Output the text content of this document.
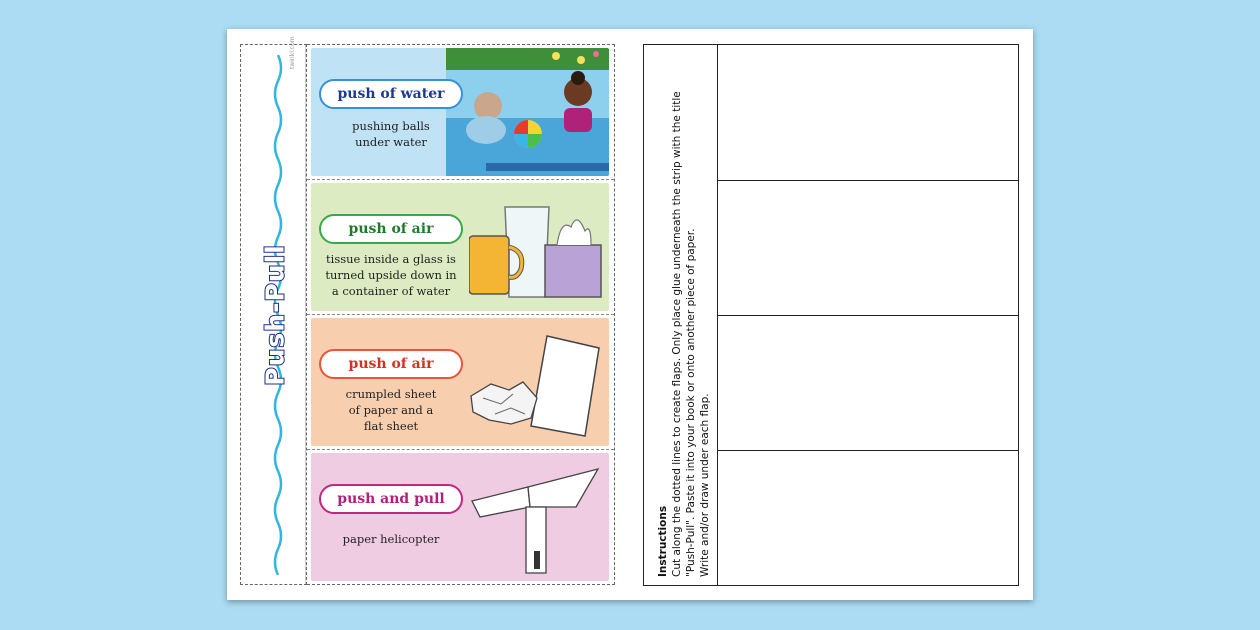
Push-Pull
twinkl.com
push of water
pushing balls
under water
push of air
tissue inside a glass is
turned upside down in
a container of water
push of air
crumpled sheet
of paper and a
flat sheet
push and pull
paper helicopter	Instructions Cut along the dotted lines to create flaps. Only place glue underneath the strip with the title "Push-Pull". Paste it into your book or onto another piece of paper. Write and/or draw under each flap.
